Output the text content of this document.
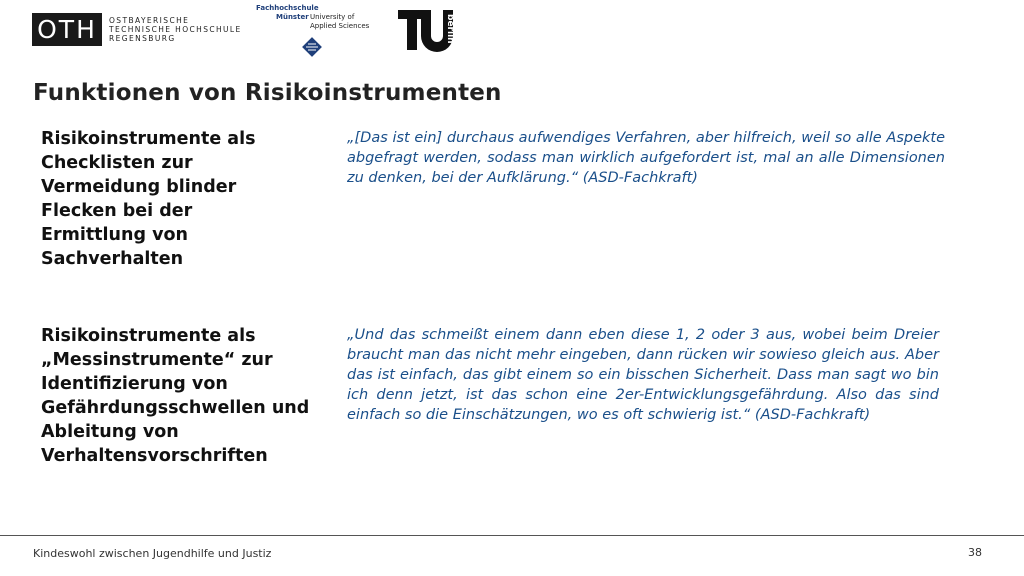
OTH	OSTBAYERISCHE
TECHNISCHE HOCHSCHULE
REGENSBURG
Fachhochschule
Münster University of
Applied Sciences	berlin
Funktionen von Risikoinstrumenten

Risikoinstrumente als Checklisten zur Vermeidung blinder Flecken bei der Ermittlung von Sachverhalten

„[Das ist ein] durchaus aufwendiges Verfahren, aber hilfreich, weil so alle Aspekte abgefragt werden, sodass man wirklich aufgefordert ist, mal an alle Dimensionen zu denken, bei der Aufklärung.“ (ASD-Fachkraft)

Risikoinstrumente als „Messinstrumente“ zur Identifizierung von Gefährdungsschwellen und Ableitung von Verhaltensvorschriften

„Und das schmeißt einem dann eben diese 1, 2 oder 3 aus, wobei beim Dreier braucht man das nicht mehr eingeben, dann rücken wir sowieso gleich aus. Aber das ist einfach, das gibt einem so ein bisschen Sicherheit. Dass man sagt wo bin ich denn jetzt, ist das schon eine 2er-Entwicklungsgefährdung. Also das sind einfach so die Einschätzungen, wo es oft schwierig ist.“ (ASD-Fachkraft)

Kindeswohl zwischen Jugendhilfe und Justiz	38
